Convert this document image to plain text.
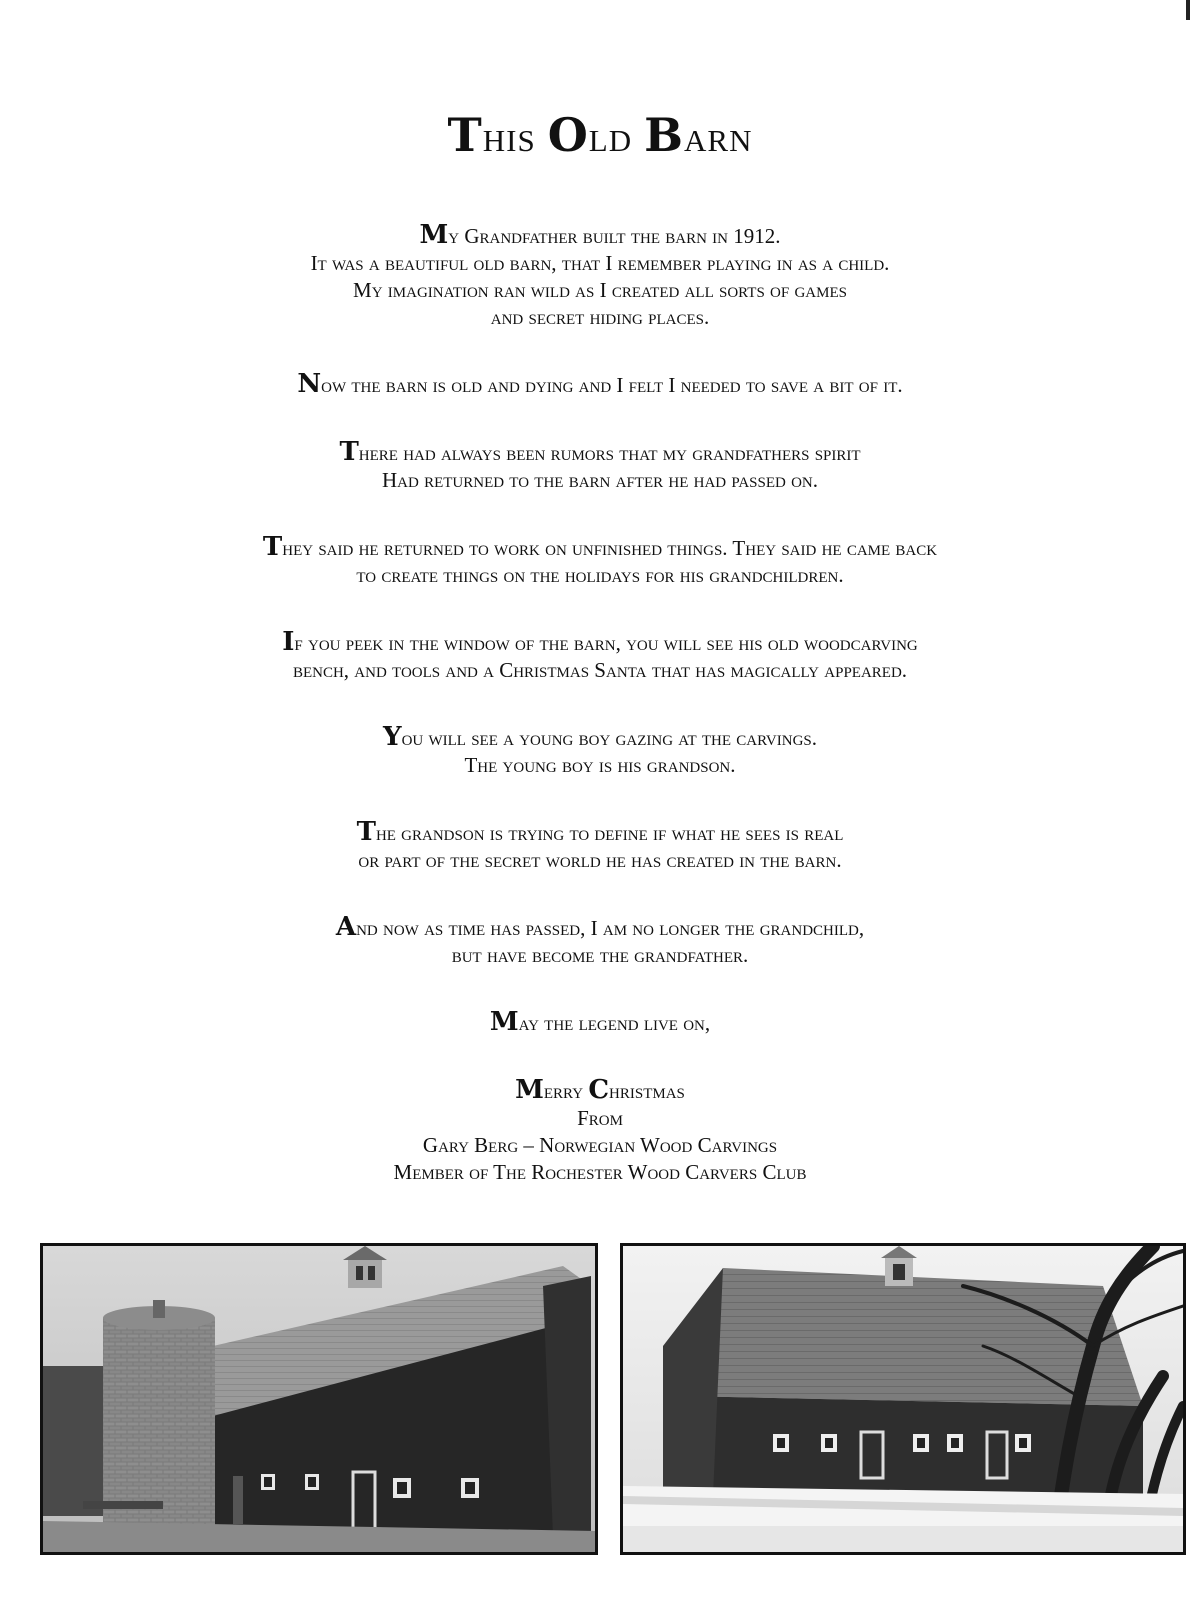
This Old Barn
My Grandfather built the barn in 1912.
It was a beautiful old barn, that I remember playing in as a child.
My imagination ran wild as I created all sorts of games
and secret hiding places.
Now the barn is old and dying and I felt I needed to save a bit of it.
There had always been rumors that my grandfathers spirit
Had returned to the barn after he had passed on.
They said he returned to work on unfinished things. They said he came back
to create things on the holidays for his grandchildren.
If you peek in the window of the barn, you will see his old woodcarving
bench, and tools and a Christmas Santa that has magically appeared.
You will see a young boy gazing at the carvings.
The young boy is his grandson.
The grandson is trying to define if what he sees is real
or part of the secret world he has created in the barn.
And now as time has passed, I am no longer the grandchild,
but have become the grandfather.
May the legend live on,
Merry Christmas
From
Gary Berg – Norwegian Wood Carvings
Member of The Rochester Wood Carvers Club
